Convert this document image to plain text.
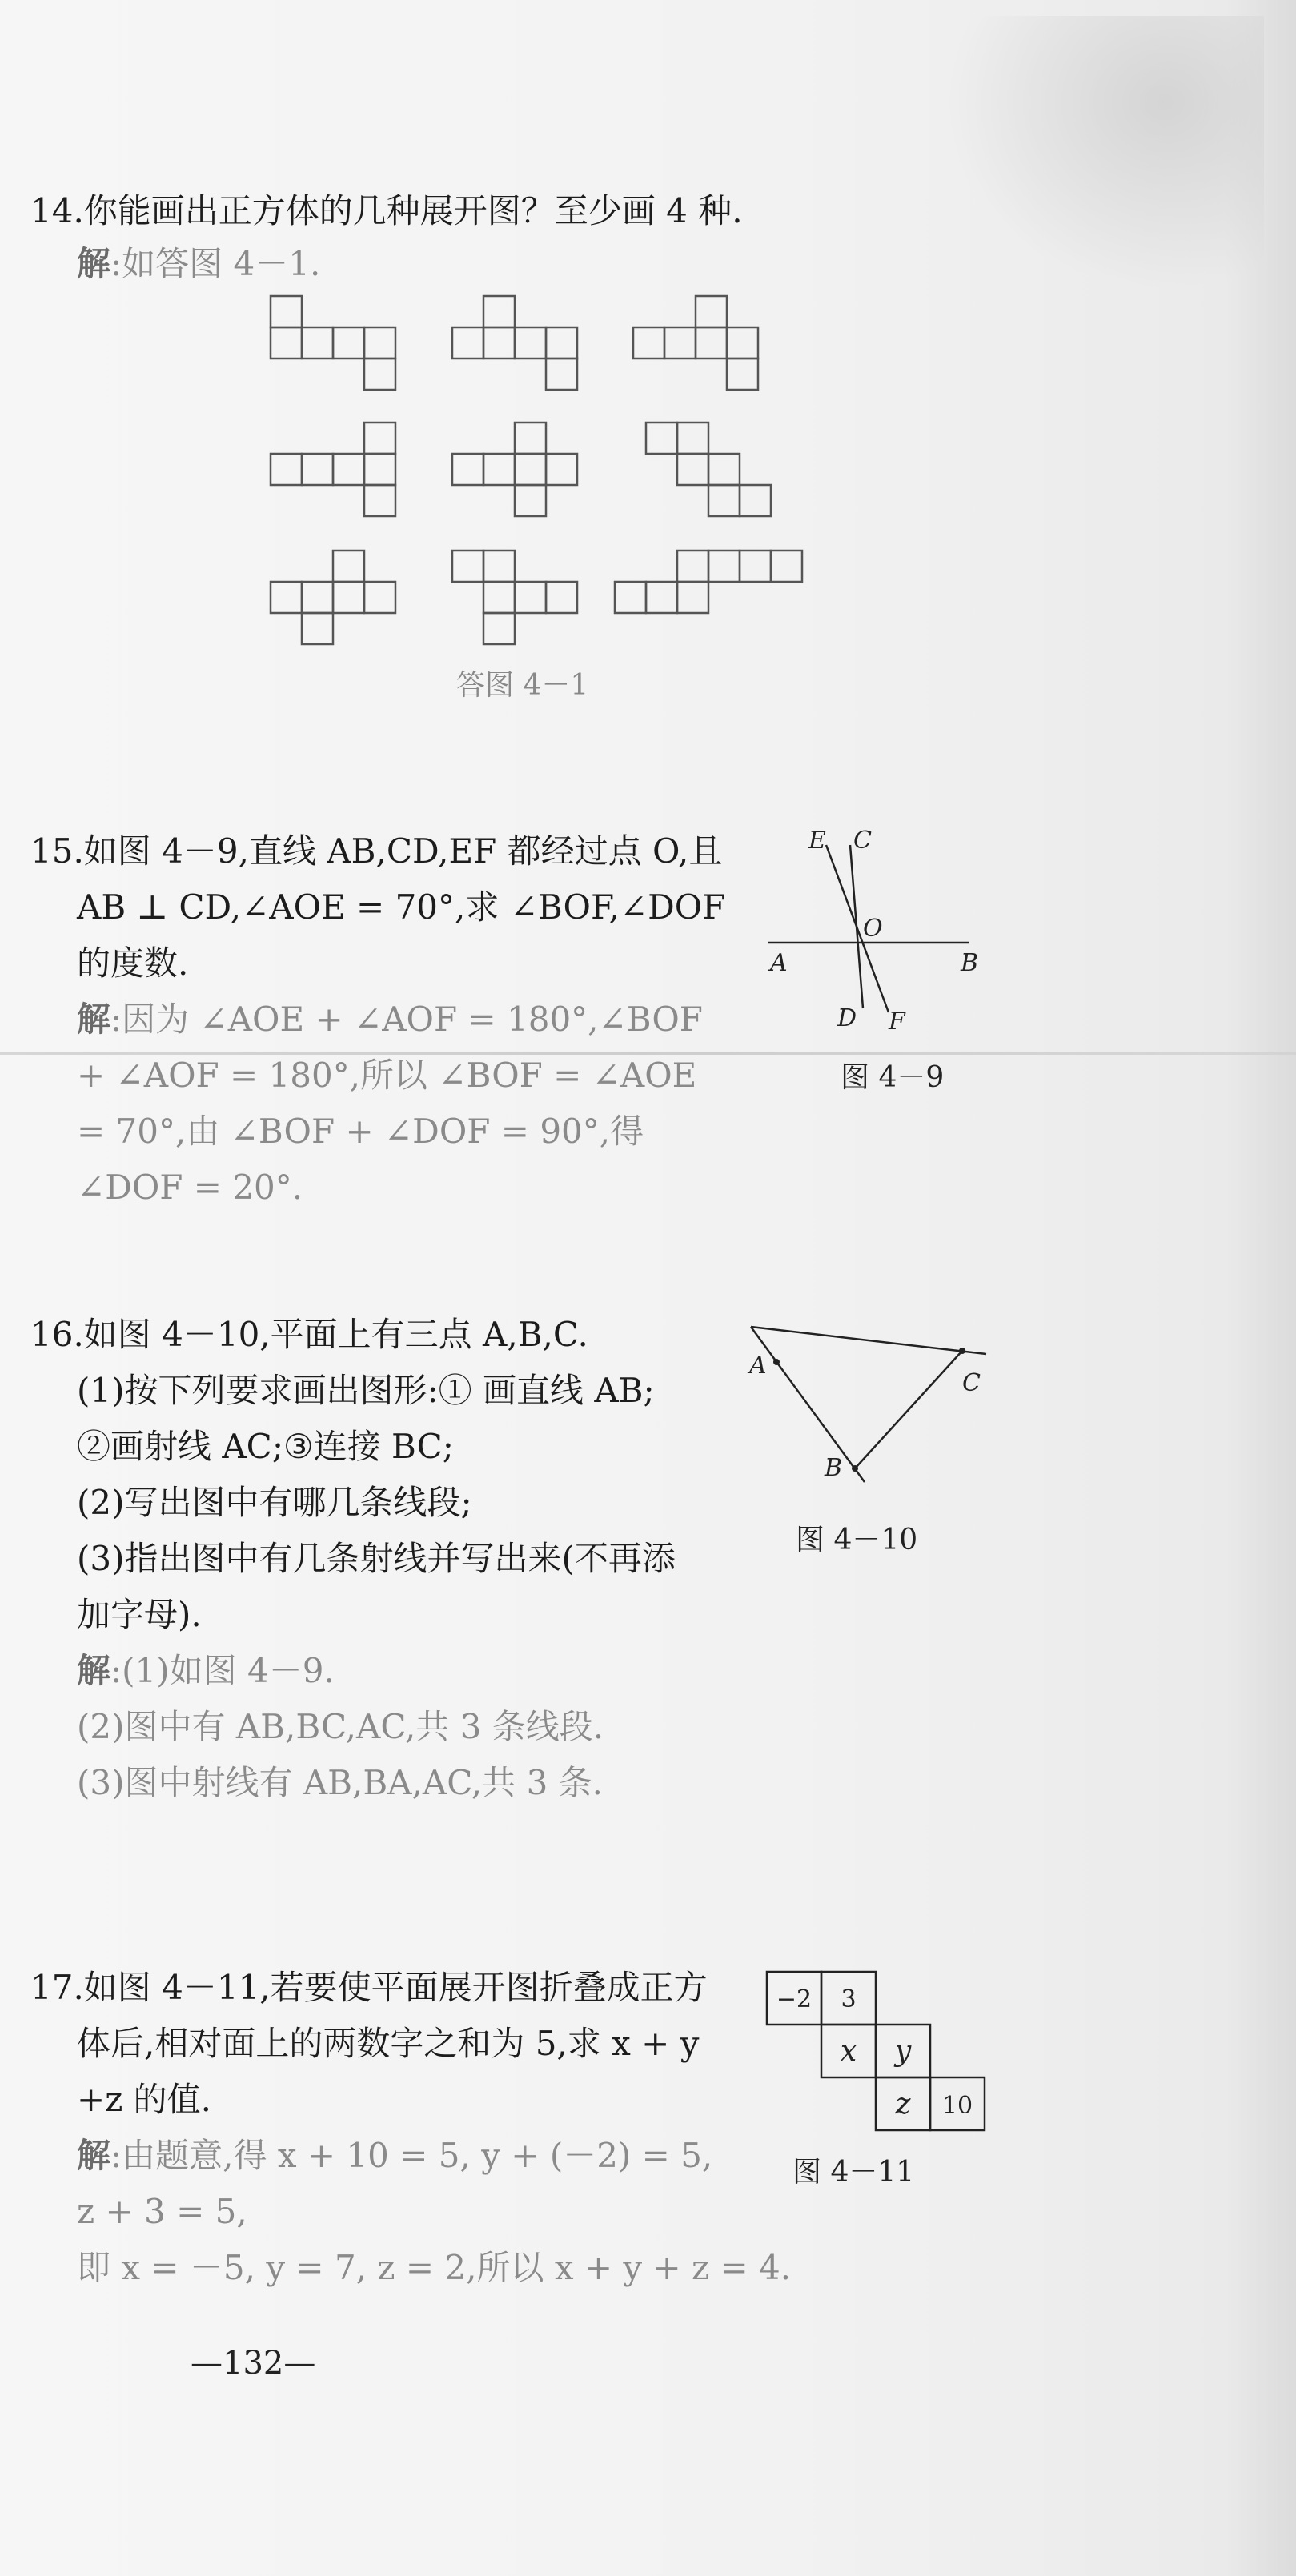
14.你能画出正方体的几种展开图？至少画 4 种.
解:如答图 4－1.
答图 4－1
15.如图 4－9,直线 AB,CD,EF 都经过点 O,且
AB ⊥ CD,∠AOE = 70°,求 ∠BOF,∠DOF
的度数.
解:因为 ∠AOE + ∠AOF = 180°,∠BOF
+ ∠AOF = 180°,所以 ∠BOF = ∠AOE
= 70°,由 ∠BOF + ∠DOF = 90°,得
∠DOF = 20°.
E C
O
A	B
D F
图 4－9
16.如图 4－10,平面上有三点 A,B,C.
(1)按下列要求画出图形:① 画直线 AB;
②画射线 AC;③连接 BC;
(2)写出图中有哪几条线段;
(3)指出图中有几条射线并写出来(不再添
加字母).
解:(1)如图 4－9.
(2)图中有 AB,BC,AC,共 3 条线段.
(3)图中射线有 AB,BA,AC,共 3 条.
A
C
B
图 4－10
17.如图 4－11,若要使平面展开图折叠成正方
体后,相对面上的两数字之和为 5,求 x + y
+z 的值.
解:由题意,得 x + 10 = 5, y + (－2) = 5,
z + 3 = 5,
即 x = －5, y = 7, z = 2,所以 x + y + z = 4.
−2 3
x y
z 10
图 4－11
—132—
